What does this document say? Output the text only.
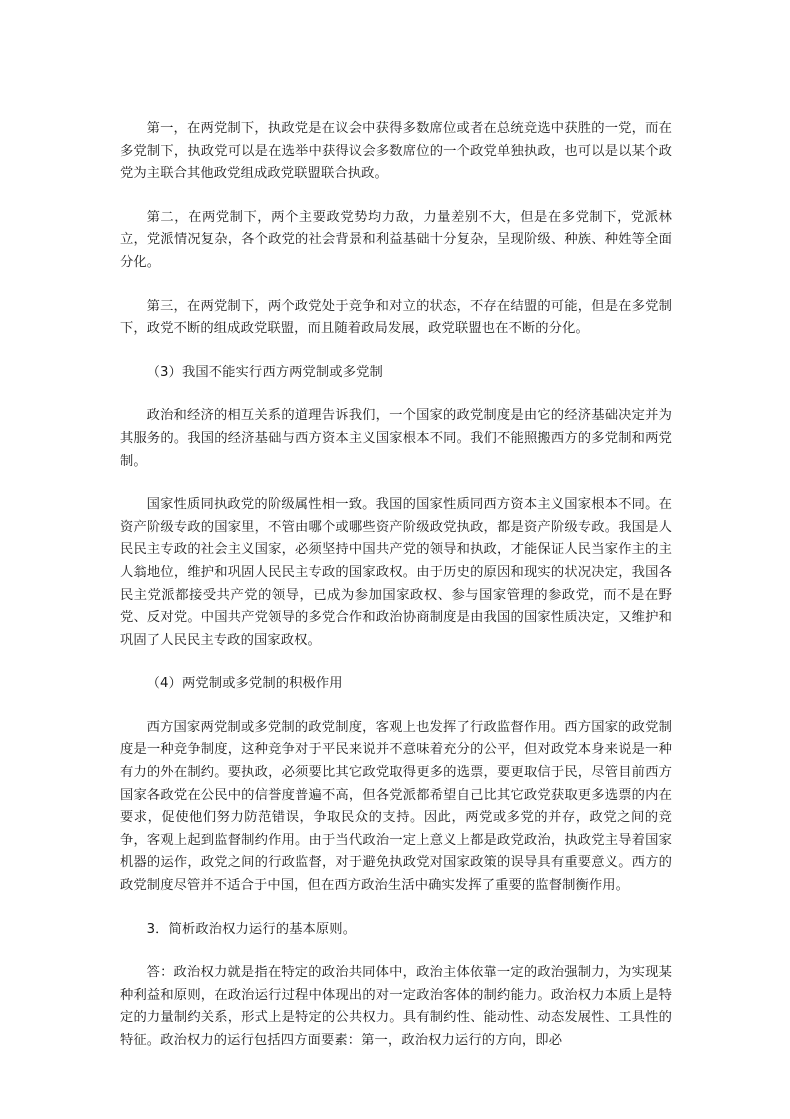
第一，在两党制下，执政党是在议会中获得多数席位或者在总统竞选中获胜的一党，而在多党制下，执政党可以是在选举中获得议会多数席位的一个政党单独执政，也可以是以某个政党为主联合其他政党组成政党联盟联合执政。

第二，在两党制下，两个主要政党势均力敌，力量差别不大，但是在多党制下，党派林立，党派情况复杂，各个政党的社会背景和利益基础十分复杂，呈现阶级、种族、种姓等全面分化。

第三，在两党制下，两个政党处于竞争和对立的状态，不存在结盟的可能，但是在多党制下，政党不断的组成政党联盟，而且随着政局发展，政党联盟也在不断的分化。

（3）我国不能实行西方两党制或多党制

政治和经济的相互关系的道理告诉我们，一个国家的政党制度是由它的经济基础决定并为其服务的。我国的经济基础与西方资本主义国家根本不同。我们不能照搬西方的多党制和两党制。

国家性质同执政党的阶级属性相一致。我国的国家性质同西方资本主义国家根本不同。在资产阶级专政的国家里，不管由哪个或哪些资产阶级政党执政，都是资产阶级专政。我国是人民民主专政的社会主义国家，必须坚持中国共产党的领导和执政，才能保证人民当家作主的主人翁地位，维护和巩固人民民主专政的国家政权。由于历史的原因和现实的状况决定，我国各民主党派都接受共产党的领导，已成为参加国家政权、参与国家管理的参政党，而不是在野党、反对党。中国共产党领导的多党合作和政治协商制度是由我国的国家性质决定，又维护和巩固了人民民主专政的国家政权。

（4）两党制或多党制的积极作用

西方国家两党制或多党制的政党制度，客观上也发挥了行政监督作用。西方国家的政党制度是一种竞争制度，这种竞争对于平民来说并不意味着充分的公平，但对政党本身来说是一种有力的外在制约。要执政，必须要比其它政党取得更多的选票，要更取信于民，尽管目前西方国家各政党在公民中的信誉度普遍不高，但各党派都希望自己比其它政党获取更多选票的内在要求，促使他们努力防范错误，争取民众的支持。因此，两党或多党的并存，政党之间的竞争，客观上起到监督制约作用。由于当代政治一定上意义上都是政党政治，执政党主导着国家机器的运作，政党之间的行政监督，对于避免执政党对国家政策的误导具有重要意义。西方的政党制度尽管并不适合于中国，但在西方政治生活中确实发挥了重要的监督制衡作用。

3．简析政治权力运行的基本原则。

答：政治权力就是指在特定的政治共同体中，政治主体依靠一定的政治强制力，为实现某种利益和原则，在政治运行过程中体现出的对一定政治客体的制约能力。政治权力本质上是特定的力量制约关系，形式上是特定的公共权力。具有制约性、能动性、动态发展性、工具性的特征。政治权力的运行包括四方面要素：第一，政治权力运行的方向，即必
